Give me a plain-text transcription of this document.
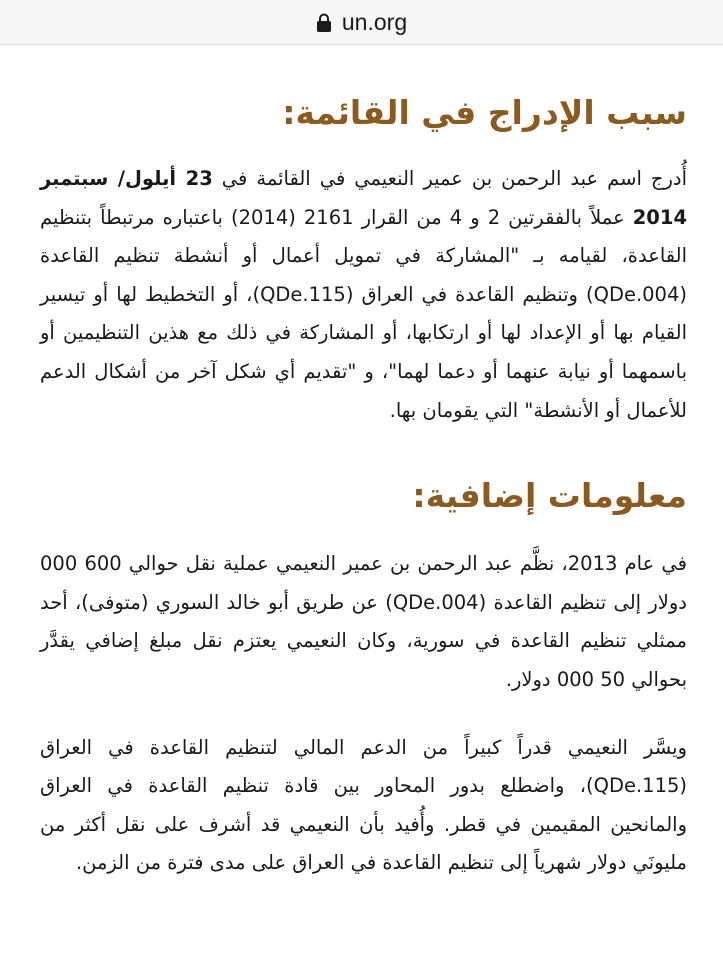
un.org
سبب الإدراج في القائمة:

أُدرج اسم عبد الرحمن بن عمير النعيمي في القائمة في 23 أيلول/ سبتمبر 2014 عملاً بالفقرتين 2 و 4 من القرار 2161 (2014) باعتباره مرتبطاً بتنظيم القاعدة، لقيامه بـ "المشاركة في تمويل أعمال أو أنشطة تنظيم القاعدة (QDe.004) وتنظيم القاعدة في العراق (QDe.115)، أو التخطيط لها أو تيسير القيام بها أو الإعداد لها أو ارتكابها، أو المشاركة في ذلك مع هذين التنظيمين أو باسمهما أو نيابة عنهما أو دعما لهما"، و "تقديم أي شكل آخر من أشكال الدعم للأعمال أو الأنشطة" التي يقومان بها.

معلومات إضافية:

في عام 2013، نظَّم عبد الرحمن بن عمير النعيمي عملية نقل حوالي 600 000 دولار إلى تنظيم القاعدة (QDe.004) عن طريق أبو خالد السوري (متوفى)، أحد ممثلي تنظيم القاعدة في سورية، وكان النعيمي يعتزم نقل مبلغ إضافي يقدَّر بحوالي 50 000 دولار.

ويسَّر النعيمي قدراً كبيراً من الدعم المالي لتنظيم القاعدة في العراق (QDe.115)، واضطلع بدور المحاور بين قادة تنظيم القاعدة في العراق والمانحين المقيمين في قطر. وأُفيد بأن النعيمي قد أشرف على نقل أكثر من مليونَي دولار شهرياً إلى تنظيم القاعدة في العراق على مدى فترة من الزمن.
